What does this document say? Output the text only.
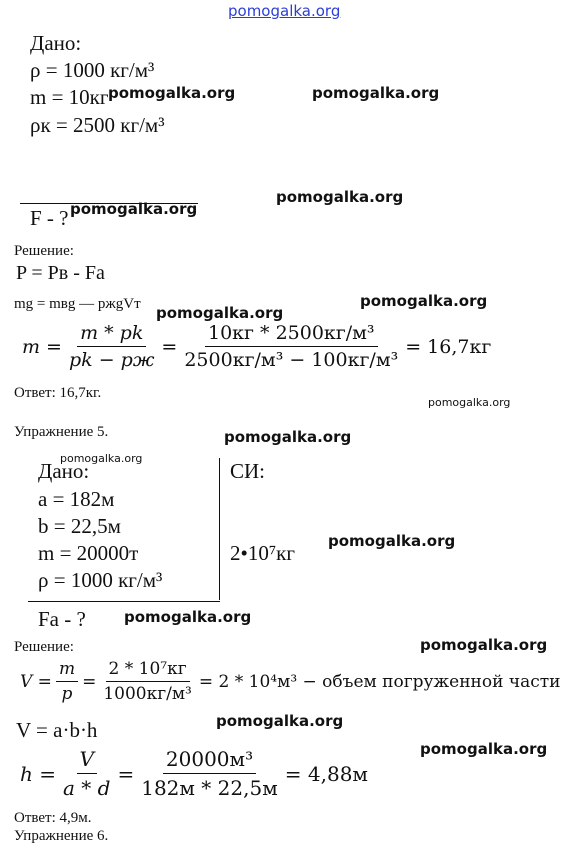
pomogalka.org
Дано:
ρ = 1000 кг/м³
m = 10кг
ρк = 2500 кг/м³
F - ?
pomogalka.org	pomogalka.org
pomogalka.org
pomogalka.org
Решение:
P = Pв - Fа
mg = mвg — pжgVт pomogalka.org
pomogalka.org
$m = \frac{m * pk}{pk - pж} = \frac{\text{10кг * 2500кг/м³}}{\text{2500кг/м³ − 100кг/м³}} = 16,7кг$
Ответ: 16,7кг.
pomogalka.org
Упражнение 5.	pomogalka.org
pomogalka.org
Дано:
a = 182м
b = 22,5м
m = 20000т
ρ = 1000 кг/м³
СИ:
2•10⁷кг pomogalka.org
Fа - ?	pomogalka.org
Решение:	pomogalka.org
$V = \frac{m}{p} = \frac{\text{2 * 10⁷кг}}{\text{1000кг/м³}} = 2 * 10^4м^3$ − объем погруженной части
V = a·b·h	pomogalka.org
pomogalka.org
$h = \frac{V}{a * d} = \frac{\text{20000м³}}{182м * 22,5м} = 4,88м$
Ответ: 4,9м.
Упражнение 6.
